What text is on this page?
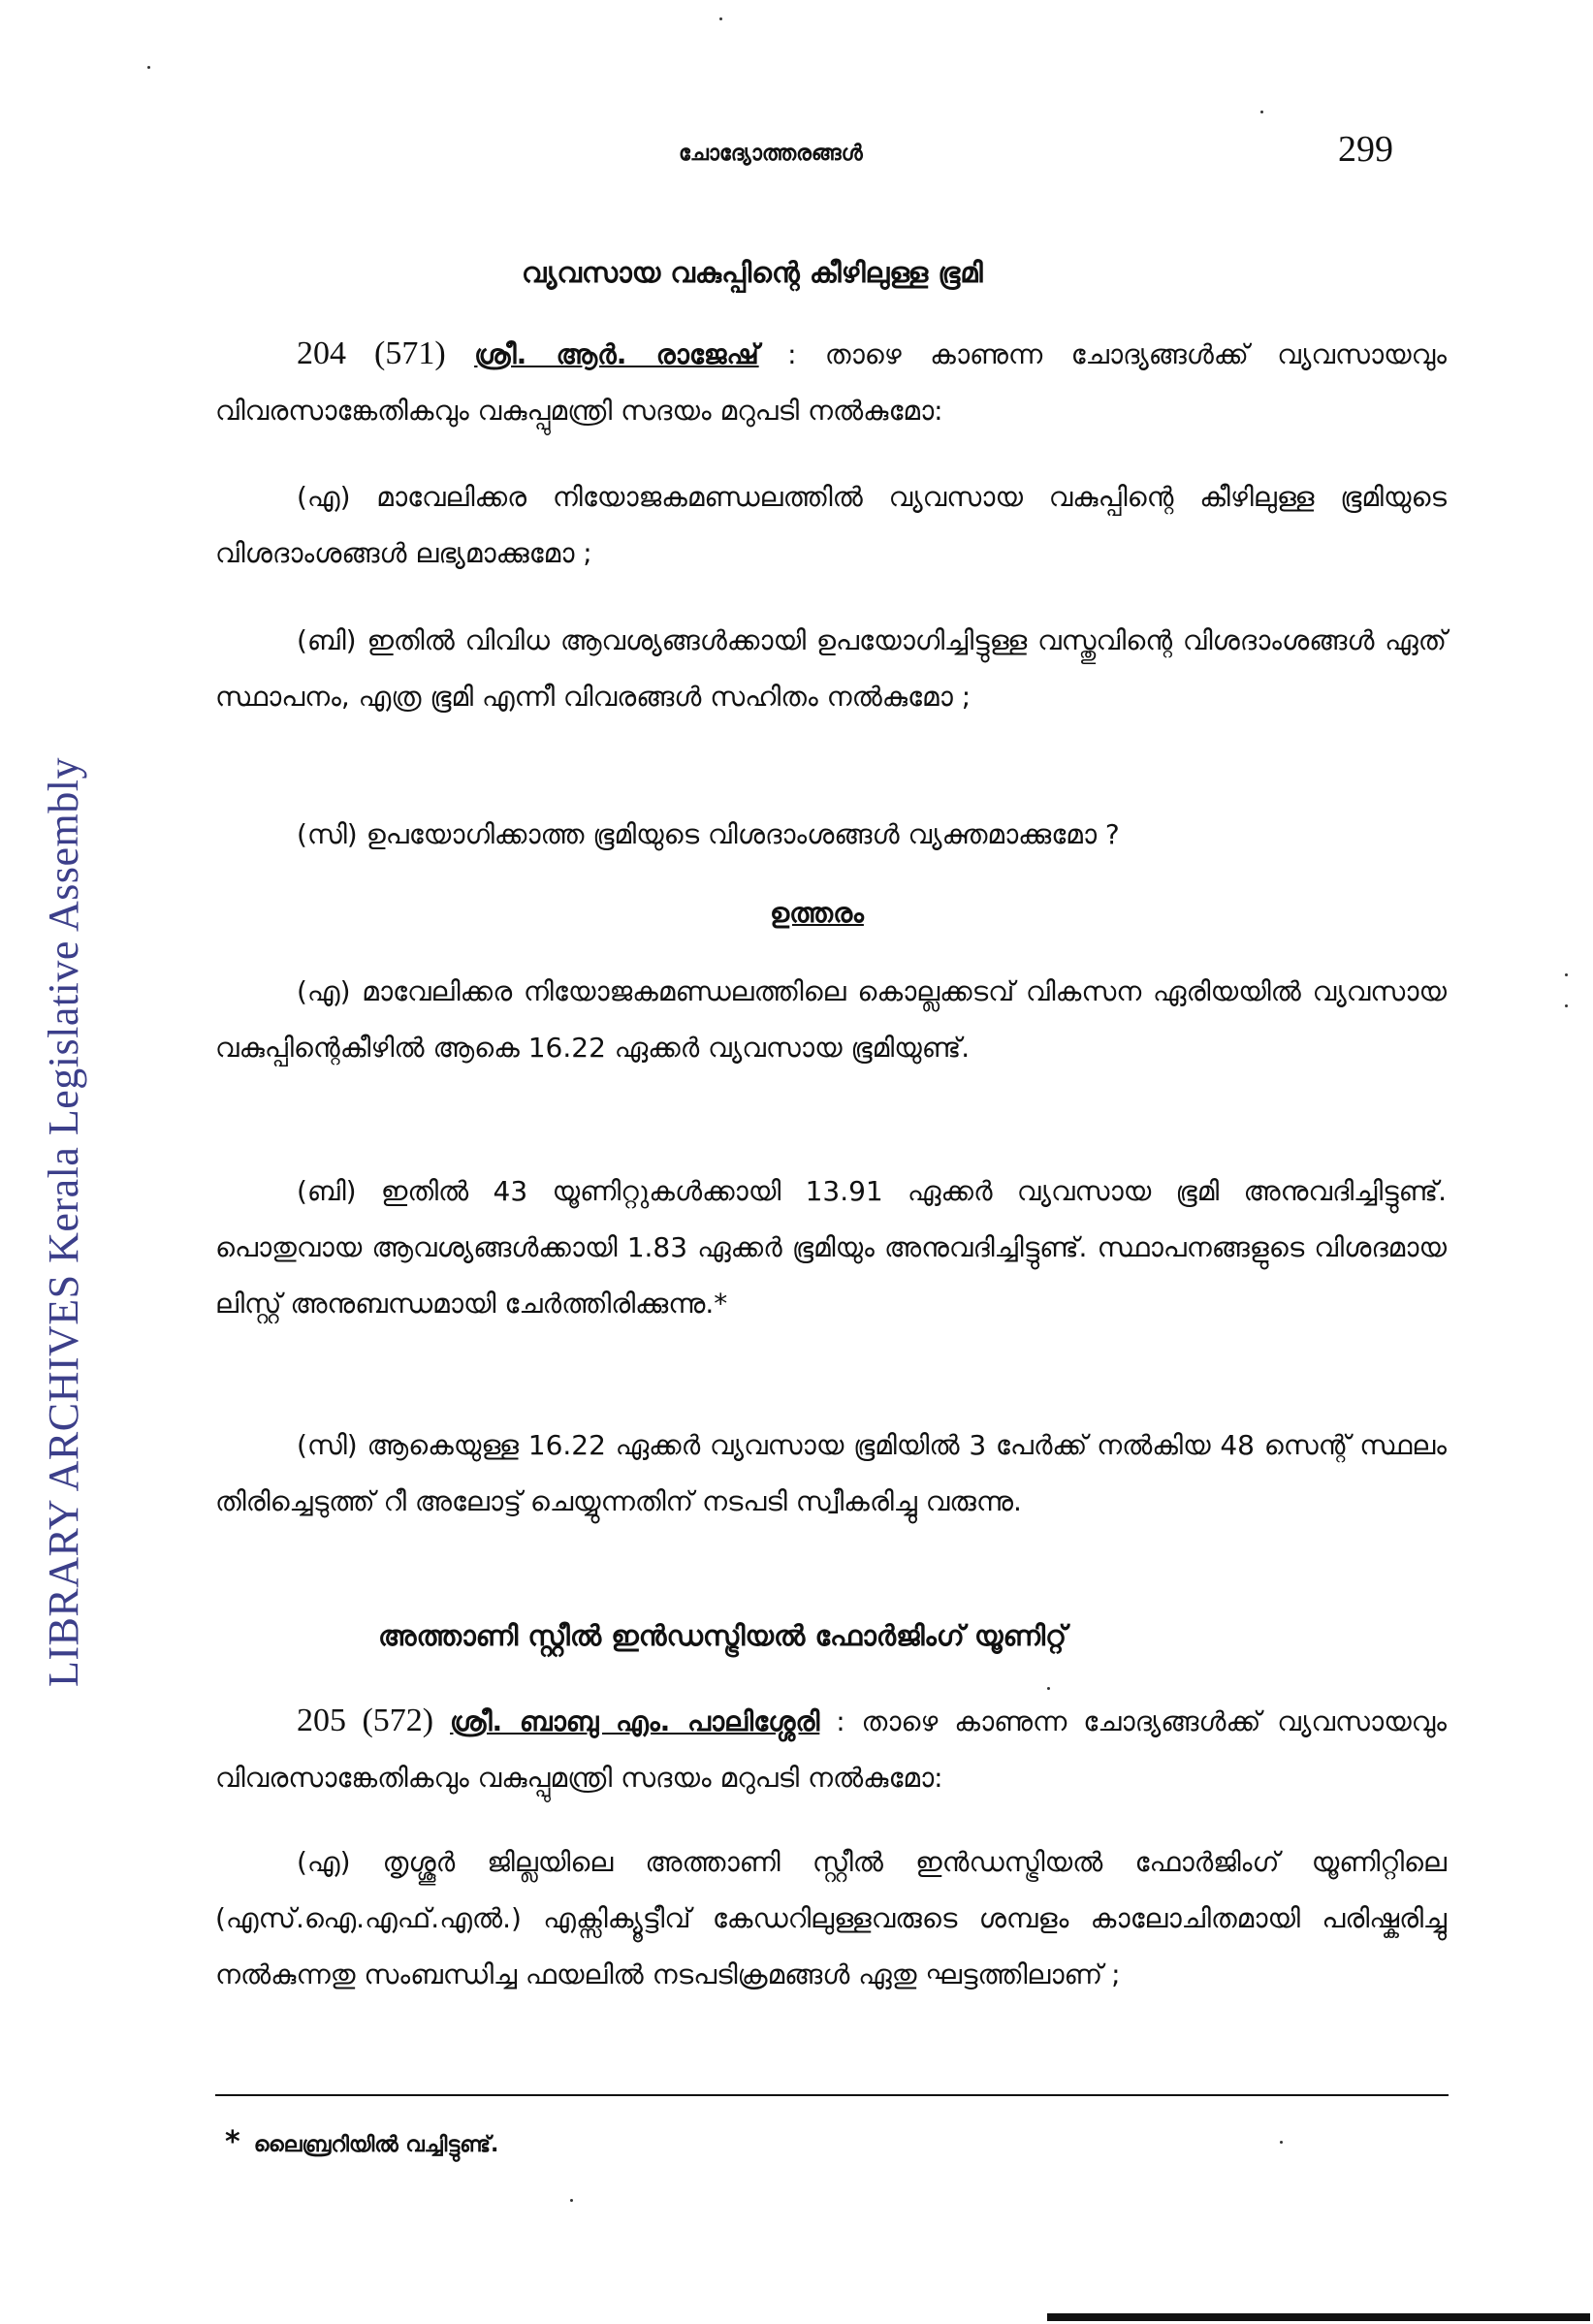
LIBRARY ARCHIVES Kerala Legislative Assembly
ചോദ്യോത്തരങ്ങൾ	299
വ്യവസായ വകുപ്പിന്റെ കീഴിലുള്ള ഭൂമി
204 (571) ശ്രീ. ആർ. രാജേഷ് : താഴെ കാണുന്ന ചോദ്യങ്ങൾക്ക് വ്യവസായവും വിവരസാങ്കേതികവും വകുപ്പുമന്ത്രി സദയം മറുപടി നൽകുമോ:
(എ) മാവേലിക്കര നിയോജകമണ്ഡലത്തിൽ വ്യവസായ വകുപ്പിന്റെ കീഴിലുള്ള ഭൂമിയുടെ വിശദാംശങ്ങൾ ലഭ്യമാക്കുമോ ;
(ബി) ഇതിൽ വിവിധ ആവശ്യങ്ങൾക്കായി ഉപയോഗിച്ചിട്ടുള്ള വസ്തുവിന്റെ വിശദാംശങ്ങൾ ഏത് സ്ഥാപനം, എത്ര ഭൂമി എന്നീ വിവരങ്ങൾ സഹിതം നൽകുമോ ;
(സി) ഉപയോഗിക്കാത്ത ഭൂമിയുടെ വിശദാംശങ്ങൾ വ്യക്തമാക്കുമോ ?
ഉത്തരം
(എ) മാവേലിക്കര നിയോജകമണ്ഡലത്തിലെ കൊല്ലക്കടവ് വികസന ഏരിയയിൽ വ്യവസായ വകുപ്പിന്റെകീഴിൽ ആകെ 16.22 ഏക്കർ വ്യവസായ ഭൂമിയുണ്ട്.
(ബി) ഇതിൽ 43 യൂണിറ്റുകൾക്കായി 13.91 ഏക്കർ വ്യവസായ ഭൂമി അനുവദിച്ചിട്ടുണ്ട്. പൊതുവായ ആവശ്യങ്ങൾക്കായി 1.83 ഏക്കർ ഭൂമിയും അനുവദിച്ചിട്ടുണ്ട്. സ്ഥാപനങ്ങളുടെ വിശദമായ ലിസ്റ്റ് അനുബന്ധമായി ചേർത്തിരിക്കുന്നു.*
(സി) ആകെയുള്ള 16.22 ഏക്കർ വ്യവസായ ഭൂമിയിൽ 3 പേർക്ക് നൽകിയ 48 സെന്റ് സ്ഥലം തിരിച്ചെടുത്ത് റീ അലോട്ട് ചെയ്യുന്നതിന് നടപടി സ്വീകരിച്ചു വരുന്നു.
അത്താണി സ്റ്റീൽ ഇൻഡസ്ട്രിയൽ ഫോർജിംഗ് യൂണിറ്റ്
205 (572) ശ്രീ. ബാബു എം. പാലിശ്ശേരി : താഴെ കാണുന്ന ചോദ്യങ്ങൾക്ക് വ്യവസായവും വിവരസാങ്കേതികവും വകുപ്പുമന്ത്രി സദയം മറുപടി നൽകുമോ:
(എ) തൃശ്ശൂർ ജില്ലയിലെ അത്താണി സ്റ്റീൽ ഇൻഡസ്ട്രിയൽ ഫോർജിംഗ് യൂണിറ്റിലെ (എസ്.ഐ.എഫ്.എൽ.) എക്സിക്യൂട്ടീവ് കേഡറിലുള്ളവരുടെ ശമ്പളം കാലോചിതമായി പരിഷ്കരിച്ചു നൽകുന്നതു സംബന്ധിച്ച ഫയലിൽ നടപടിക്രമങ്ങൾ ഏതു ഘട്ടത്തിലാണ് ;
* ലൈബ്രറിയിൽ വച്ചിട്ടുണ്ട്.
